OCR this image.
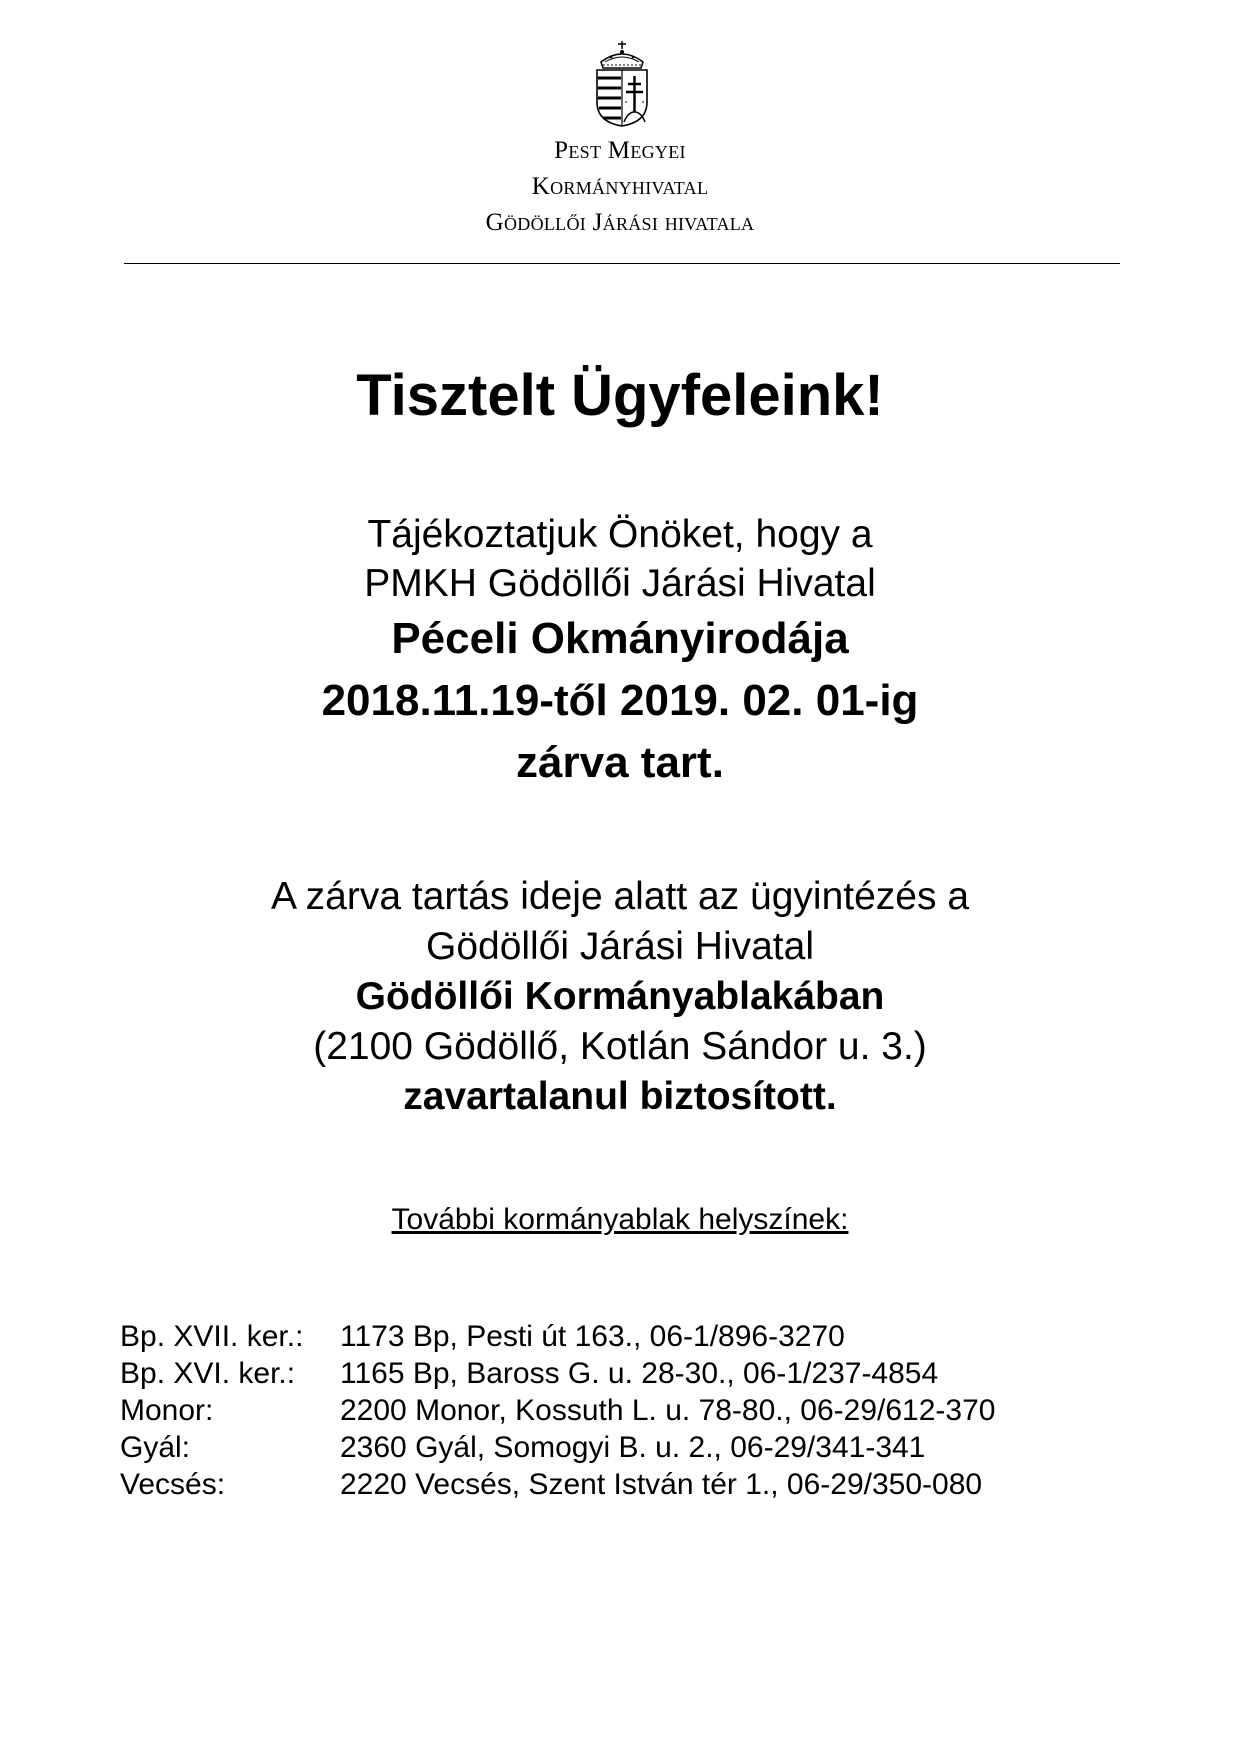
Pest Megyei
Kormányhivatal
Gödöllői Járási hivatala
Tisztelt Ügyfeleink!
Tájékoztatjuk Önöket, hogy a
PMKH Gödöllői Járási Hivatal
Péceli Okmányirodája
2018.11.19-től 2019. 02. 01-ig
zárva tart.
A zárva tartás ideje alatt az ügyintézés a
Gödöllői Járási Hivatal
Gödöllői Kormányablakában
(2100 Gödöllő, Kotlán Sándor u. 3.)
zavartalanul biztosított.
További kormányablak helyszínek:
Bp. XVII. ker.:	1173 Bp, Pesti út 163., 06-1/896-3270
Bp. XVI. ker.:	1165 Bp, Baross G. u. 28-30., 06-1/237-4854
Monor:	2200 Monor, Kossuth L. u. 78-80., 06-29/612-370
Gyál:	2360 Gyál, Somogyi B. u. 2., 06-29/341-341
Vecsés:	2220 Vecsés, Szent István tér 1., 06-29/350-080
